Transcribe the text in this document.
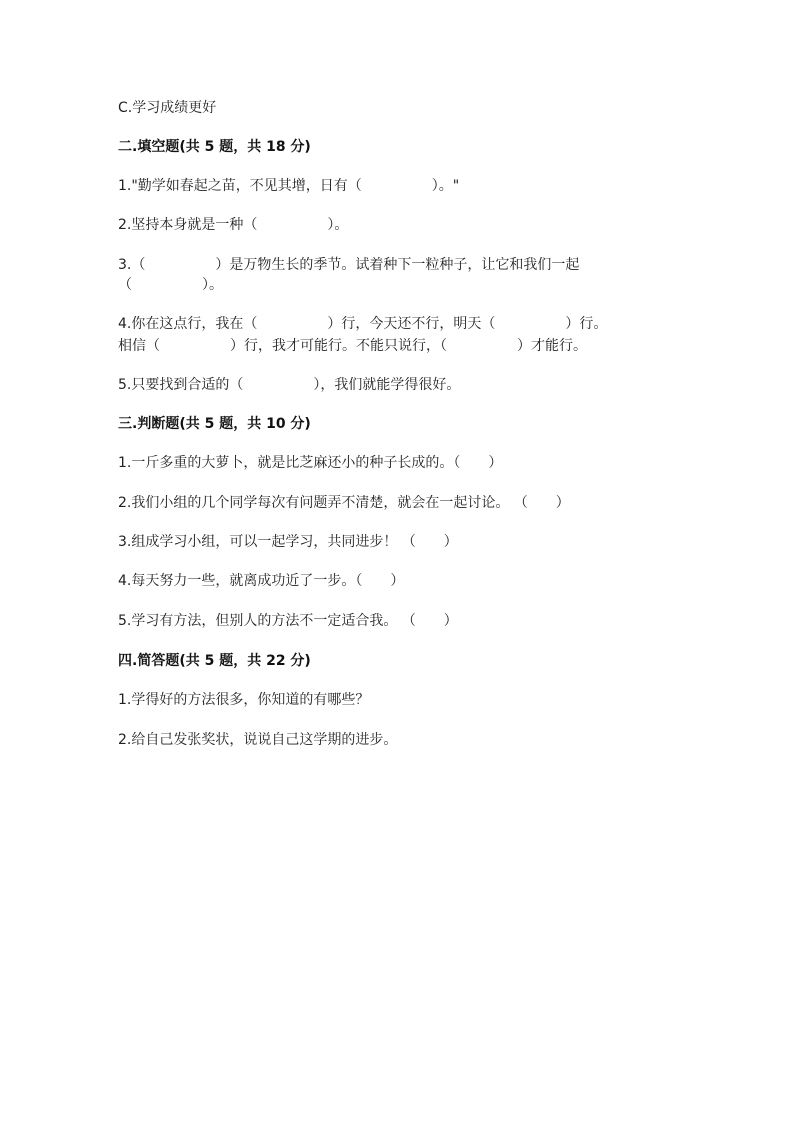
C.学习成绩更好
二.填空题(共 5 题，共 18 分)
1."勤学如春起之苗，不见其增，日有（　　　　　）。"
2.坚持本身就是一种（　　　　　）。
3.（　　　　　）是万物生长的季节。试着种下一粒种子，让它和我们一起
（　　　　　）。
4.你在这点行，我在（　　　　　）行，今天还不行，明天（　　　　　）行。
相信（　　　　　）行，我才可能行。不能只说行，（　　　　　）才能行。
5.只要找到合适的（　　　　　），我们就能学得很好。
三.判断题(共 5 题，共 10 分)
1.一斤多重的大萝卜，就是比芝麻还小的种子长成的。（　　）
2.我们小组的几个同学每次有问题弄不清楚，就会在一起讨论。 （　　）
3.组成学习小组，可以一起学习，共同进步！ （　　）
4.每天努力一些，就离成功近了一步。（　　）
5.学习有方法，但别人的方法不一定适合我。 （　　）
四.简答题(共 5 题，共 22 分)
1.学得好的方法很多，你知道的有哪些？
2.给自己发张奖状，说说自己这学期的进步。
